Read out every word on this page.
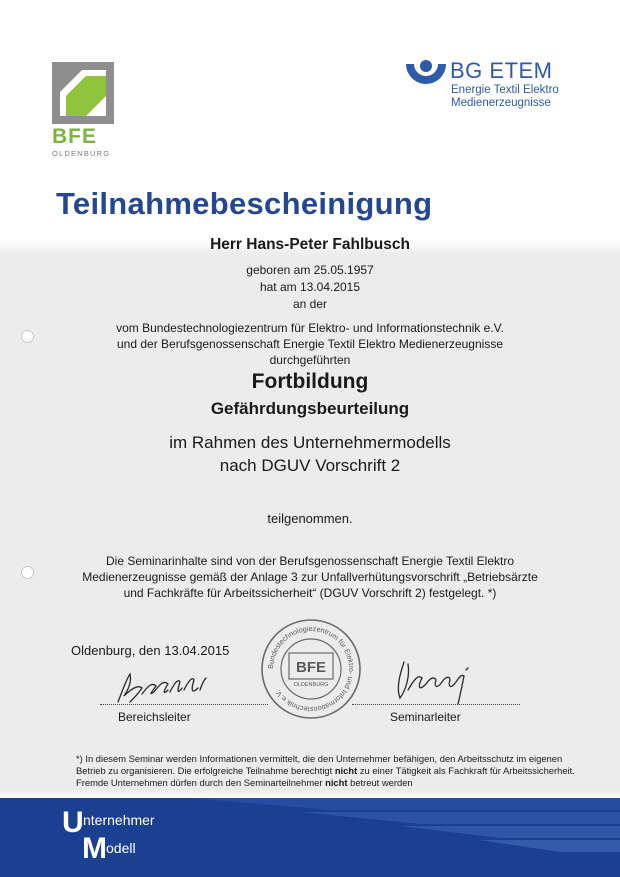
BFE
OLDENBURG
BG ETEM
Energie Textil Elektro
Medienerzeugnisse
Teilnahmebescheinigung
Herr Hans-Peter Fahlbusch
geboren am 25.05.1957
hat am 13.04.2015
an der
vom Bundestechnologiezentrum für Elektro- und Informationstechnik e.V.
und der Berufsgenossenschaft Energie Textil Elektro Medienerzeugnisse
durchgeführten
Fortbildung
Gefährdungsbeurteilung
im Rahmen des Unternehmermodells
nach DGUV Vorschrift 2
teilgenommen.
Die Seminarinhalte sind von der Berufsgenossenschaft Energie Textil Elektro
Medienerzeugnisse gemäß der Anlage 3 zur Unfallverhütungsvorschrift „Betriebsärzte
und Fachkräfte für Arbeitssicherheit“ (DGUV Vorschrift 2) festgelegt. *)
Oldenburg, den 13.04.2015
Bundestechnologiezentrum für Elektro- und Informationstechnik e.V.
BFE
OLDENBURG
Bereichsleiter	Seminarleiter
*) In diesem Seminar werden Informationen vermittelt, die den Unternehmer befähigen, den Arbeitsschutz im eigenen
Betrieb zu organisieren. Die erfolgreiche Teilnahme berechtigt nicht zu einer Tätigkeit als Fachkraft für Arbeitssicherheit.
Fremde Unternehmen dürfen durch den Seminarteilnehmer nicht betreut werden
U nternehmer
M odell
